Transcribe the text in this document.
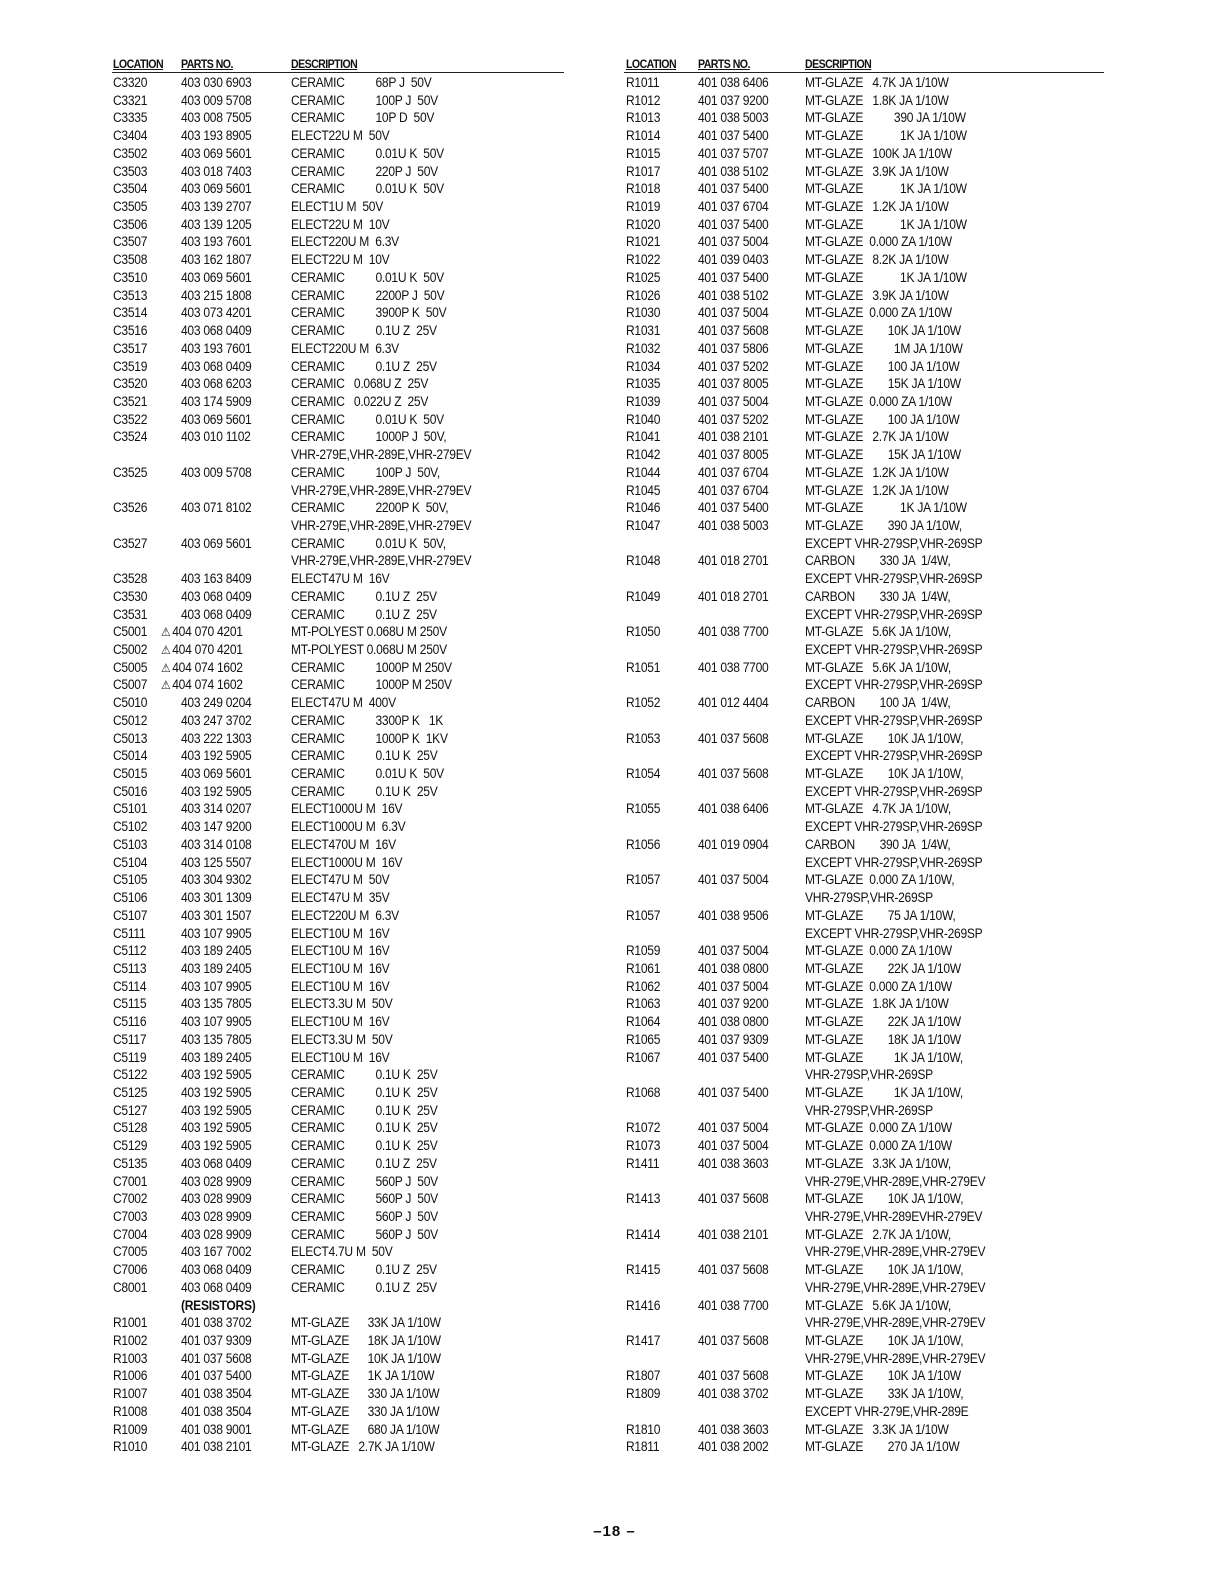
LOCATION PARTS NO.	DESCRIPTION
C3320	403 030 6903	CERAMIC          68P J  50V
C3321	403 009 5708	CERAMIC          100P J  50V
C3335	403 008 7505	CERAMIC          10P D  50V
C3404	403 193 8905	ELECT22U M  50V
C3502	403 069 5601	CERAMIC          0.01U K  50V
C3503	403 018 7403	CERAMIC          220P J  50V
C3504	403 069 5601	CERAMIC          0.01U K  50V
C3505	403 139 2707	ELECT1U M  50V
C3506	403 139 1205	ELECT22U M  10V
C3507	403 193 7601	ELECT220U M  6.3V
C3508	403 162 1807	ELECT22U M  10V
C3510	403 069 5601	CERAMIC          0.01U K  50V
C3513	403 215 1808	CERAMIC          2200P J  50V
C3514	403 073 4201	CERAMIC          3900P K  50V
C3516	403 068 0409	CERAMIC          0.1U Z  25V
C3517	403 193 7601	ELECT220U M  6.3V
C3519	403 068 0409	CERAMIC          0.1U Z  25V
C3520	403 068 6203	CERAMIC   0.068U Z  25V
C3521	403 174 5909	CERAMIC   0.022U Z  25V
C3522	403 069 5601	CERAMIC          0.01U K  50V
C3524	403 010 1102	CERAMIC          1000P J  50V,
VHR-279E,VHR-289E,VHR-279EV
C3525	403 009 5708	CERAMIC          100P J  50V,
VHR-279E,VHR-289E,VHR-279EV
C3526	403 071 8102	CERAMIC          2200P K  50V,
VHR-279E,VHR-289E,VHR-279EV
C3527	403 069 5601	CERAMIC          0.01U K  50V,
VHR-279E,VHR-289E,VHR-279EV
C3528	403 163 8409	ELECT47U M  16V
C3530	403 068 0409	CERAMIC          0.1U Z  25V
C3531	403 068 0409	CERAMIC          0.1U Z  25V
C5001 ⚠ 404 070 4201	MT-POLYEST 0.068U M 250V
C5002 ⚠ 404 070 4201	MT-POLYEST 0.068U M 250V
C5005 ⚠ 404 074 1602	CERAMIC          1000P M 250V
C5007 ⚠ 404 074 1602	CERAMIC          1000P M 250V
C5010	403 249 0204	ELECT47U M  400V
C5012	403 247 3702	CERAMIC          3300P K   1K
C5013	403 222 1303	CERAMIC          1000P K  1KV
C5014	403 192 5905	CERAMIC          0.1U K  25V
C5015	403 069 5601	CERAMIC          0.01U K  50V
C5016	403 192 5905	CERAMIC          0.1U K  25V
C5101	403 314 0207	ELECT1000U M  16V
C5102	403 147 9200	ELECT1000U M  6.3V
C5103	403 314 0108	ELECT470U M  16V
C5104	403 125 5507	ELECT1000U M  16V
C5105	403 304 9302	ELECT47U M  50V
C5106	403 301 1309	ELECT47U M  35V
C5107	403 301 1507	ELECT220U M  6.3V
C5111	403 107 9905	ELECT10U M  16V
C5112	403 189 2405	ELECT10U M  16V
C5113	403 189 2405	ELECT10U M  16V
C5114	403 107 9905	ELECT10U M  16V
C5115	403 135 7805	ELECT3.3U M  50V
C5116	403 107 9905	ELECT10U M  16V
C5117	403 135 7805	ELECT3.3U M  50V
C5119	403 189 2405	ELECT10U M  16V
C5122	403 192 5905	CERAMIC          0.1U K  25V
C5125	403 192 5905	CERAMIC          0.1U K  25V
C5127	403 192 5905	CERAMIC          0.1U K  25V
C5128	403 192 5905	CERAMIC          0.1U K  25V
C5129	403 192 5905	CERAMIC          0.1U K  25V
C5135	403 068 0409	CERAMIC          0.1U Z  25V
C7001	403 028 9909	CERAMIC          560P J  50V
C7002	403 028 9909	CERAMIC          560P J  50V
C7003	403 028 9909	CERAMIC          560P J  50V
C7004	403 028 9909	CERAMIC          560P J  50V
C7005	403 167 7002	ELECT4.7U M  50V
C7006	403 068 0409	CERAMIC          0.1U Z  25V
C8001	403 068 0409	CERAMIC          0.1U Z  25V
(RESISTORS)
R1001	401 038 3702	MT-GLAZE      33K JA 1/10W
R1002	401 037 9309	MT-GLAZE      18K JA 1/10W
R1003	401 037 5608	MT-GLAZE      10K JA 1/10W
R1006	401 037 5400	MT-GLAZE      1K JA 1/10W
R1007	401 038 3504	MT-GLAZE      330 JA 1/10W
R1008	401 038 3504	MT-GLAZE      330 JA 1/10W
R1009	401 038 9001	MT-GLAZE      680 JA 1/10W
R1010	401 038 2101	MT-GLAZE   2.7K JA 1/10W
LOCATION PARTS NO.	DESCRIPTION
R1011	401 038 6406	MT-GLAZE   4.7K JA 1/10W
R1012	401 037 9200	MT-GLAZE   1.8K JA 1/10W
R1013	401 038 5003	MT-GLAZE          390 JA 1/10W
R1014	401 037 5400	MT-GLAZE            1K JA 1/10W
R1015	401 037 5707	MT-GLAZE   100K JA 1/10W
R1017	401 038 5102	MT-GLAZE   3.9K JA 1/10W
R1018	401 037 5400	MT-GLAZE            1K JA 1/10W
R1019	401 037 6704	MT-GLAZE   1.2K JA 1/10W
R1020	401 037 5400	MT-GLAZE            1K JA 1/10W
R1021	401 037 5004	MT-GLAZE  0.000 ZA 1/10W
R1022	401 039 0403	MT-GLAZE   8.2K JA 1/10W
R1025	401 037 5400	MT-GLAZE            1K JA 1/10W
R1026	401 038 5102	MT-GLAZE   3.9K JA 1/10W
R1030	401 037 5004	MT-GLAZE  0.000 ZA 1/10W
R1031	401 037 5608	MT-GLAZE        10K JA 1/10W
R1032	401 037 5806	MT-GLAZE          1M JA 1/10W
R1034	401 037 5202	MT-GLAZE        100 JA 1/10W
R1035	401 037 8005	MT-GLAZE        15K JA 1/10W
R1039	401 037 5004	MT-GLAZE  0.000 ZA 1/10W
R1040	401 037 5202	MT-GLAZE        100 JA 1/10W
R1041	401 038 2101	MT-GLAZE   2.7K JA 1/10W
R1042	401 037 8005	MT-GLAZE        15K JA 1/10W
R1044	401 037 6704	MT-GLAZE   1.2K JA 1/10W
R1045	401 037 6704	MT-GLAZE   1.2K JA 1/10W
R1046	401 037 5400	MT-GLAZE            1K JA 1/10W
R1047	401 038 5003	MT-GLAZE        390 JA 1/10W,
EXCEPT VHR-279SP,VHR-269SP
R1048	401 018 2701	CARBON        330 JA  1/4W,
EXCEPT VHR-279SP,VHR-269SP
R1049	401 018 2701	CARBON        330 JA  1/4W,
EXCEPT VHR-279SP,VHR-269SP
R1050	401 038 7700	MT-GLAZE   5.6K JA 1/10W,
EXCEPT VHR-279SP,VHR-269SP
R1051	401 038 7700	MT-GLAZE   5.6K JA 1/10W,
EXCEPT VHR-279SP,VHR-269SP
R1052	401 012 4404	CARBON        100 JA  1/4W,
EXCEPT VHR-279SP,VHR-269SP
R1053	401 037 5608	MT-GLAZE        10K JA 1/10W,
EXCEPT VHR-279SP,VHR-269SP
R1054	401 037 5608	MT-GLAZE        10K JA 1/10W,
EXCEPT VHR-279SP,VHR-269SP
R1055	401 038 6406	MT-GLAZE   4.7K JA 1/10W,
EXCEPT VHR-279SP,VHR-269SP
R1056	401 019 0904	CARBON        390 JA  1/4W,
EXCEPT VHR-279SP,VHR-269SP
R1057	401 037 5004	MT-GLAZE  0.000 ZA 1/10W,
VHR-279SP,VHR-269SP
R1057	401 038 9506	MT-GLAZE        75 JA 1/10W,
EXCEPT VHR-279SP,VHR-269SP
R1059	401 037 5004	MT-GLAZE  0.000 ZA 1/10W
R1061	401 038 0800	MT-GLAZE        22K JA 1/10W
R1062	401 037 5004	MT-GLAZE  0.000 ZA 1/10W
R1063	401 037 9200	MT-GLAZE   1.8K JA 1/10W
R1064	401 038 0800	MT-GLAZE        22K JA 1/10W
R1065	401 037 9309	MT-GLAZE        18K JA 1/10W
R1067	401 037 5400	MT-GLAZE          1K JA 1/10W,
VHR-279SP,VHR-269SP
R1068	401 037 5400	MT-GLAZE          1K JA 1/10W,
VHR-279SP,VHR-269SP
R1072	401 037 5004	MT-GLAZE  0.000 ZA 1/10W
R1073	401 037 5004	MT-GLAZE  0.000 ZA 1/10W
R1411	401 038 3603	MT-GLAZE   3.3K JA 1/10W,
VHR-279E,VHR-289E,VHR-279EV
R1413	401 037 5608	MT-GLAZE        10K JA 1/10W,
VHR-279E,VHR-289EVHR-279EV
R1414	401 038 2101	MT-GLAZE   2.7K JA 1/10W,
VHR-279E,VHR-289E,VHR-279EV
R1415	401 037 5608	MT-GLAZE        10K JA 1/10W,
VHR-279E,VHR-289E,VHR-279EV
R1416	401 038 7700	MT-GLAZE   5.6K JA 1/10W,
VHR-279E,VHR-289E,VHR-279EV
R1417	401 037 5608	MT-GLAZE        10K JA 1/10W,
VHR-279E,VHR-289E,VHR-279EV
R1807	401 037 5608	MT-GLAZE        10K JA 1/10W
R1809	401 038 3702	MT-GLAZE        33K JA 1/10W,
EXCEPT VHR-279E,VHR-289E
R1810	401 038 3603	MT-GLAZE   3.3K JA 1/10W
R1811	401 038 2002	MT-GLAZE        270 JA 1/10W
–18 –
